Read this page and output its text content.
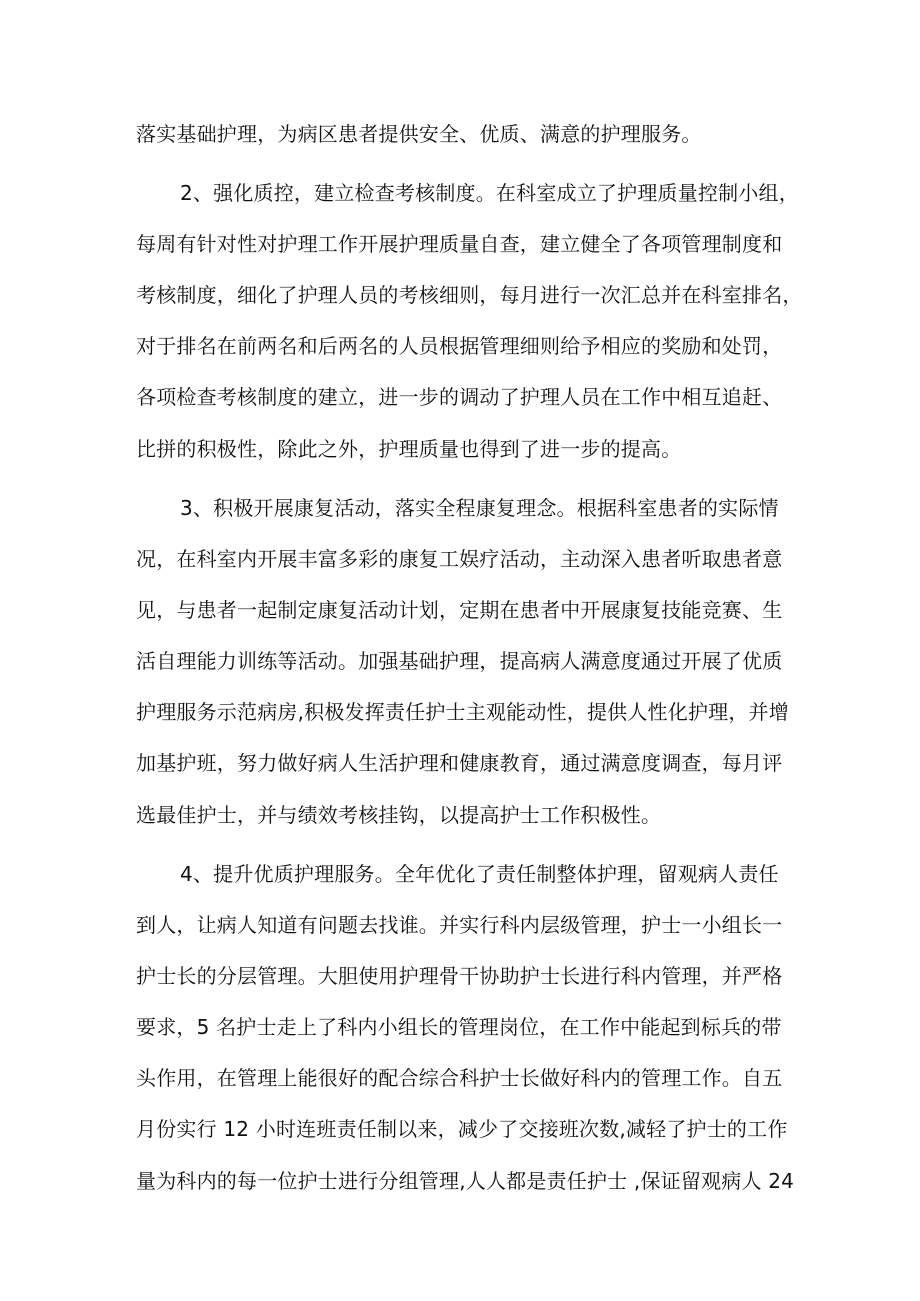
落实基础护理，为病区患者提供安全、优质、满意的护理服务。
2、强化质控，建立检查考核制度。在科室成立了护理质量控制小组，
每周有针对性对护理工作开展护理质量自查，建立健全了各项管理制度和
考核制度，细化了护理人员的考核细则，每月进行一次汇总并在科室排名，
对于排名在前两名和后两名的人员根据管理细则给予相应的奖励和处罚，
各项检查考核制度的建立，进一步的调动了护理人员在工作中相互追赶、
比拼的积极性，除此之外，护理质量也得到了进一步的提高。
3、积极开展康复活动，落实全程康复理念。根据科室患者的实际情
况，在科室内开展丰富多彩的康复工娱疗活动，主动深入患者听取患者意
见，与患者一起制定康复活动计划，定期在患者中开展康复技能竞赛、生
活自理能力训练等活动。加强基础护理，提高病人满意度通过开展了优质
护理服务示范病房,积极发挥责任护士主观能动性，提供人性化护理，并增
加基护班，努力做好病人生活护理和健康教育，通过满意度调查，每月评
选最佳护士，并与绩效考核挂钩，以提高护士工作积极性。
4、提升优质护理服务。全年优化了责任制整体护理，留观病人责任
到人，让病人知道有问题去找谁。并实行科内层级管理，护士一小组长一
护士长的分层管理。大胆使用护理骨干协助护士长进行科内管理，并严格
要求，5 名护士走上了科内小组长的管理岗位，在工作中能起到标兵的带
头作用，在管理上能很好的配合综合科护士长做好科内的管理工作。自五
月份实行 12 小时连班责任制以来，减少了交接班次数,减轻了护士的工作
量为科内的每一位护士进行分组管理,人人都是责任护士 ,保证留观病人 24
